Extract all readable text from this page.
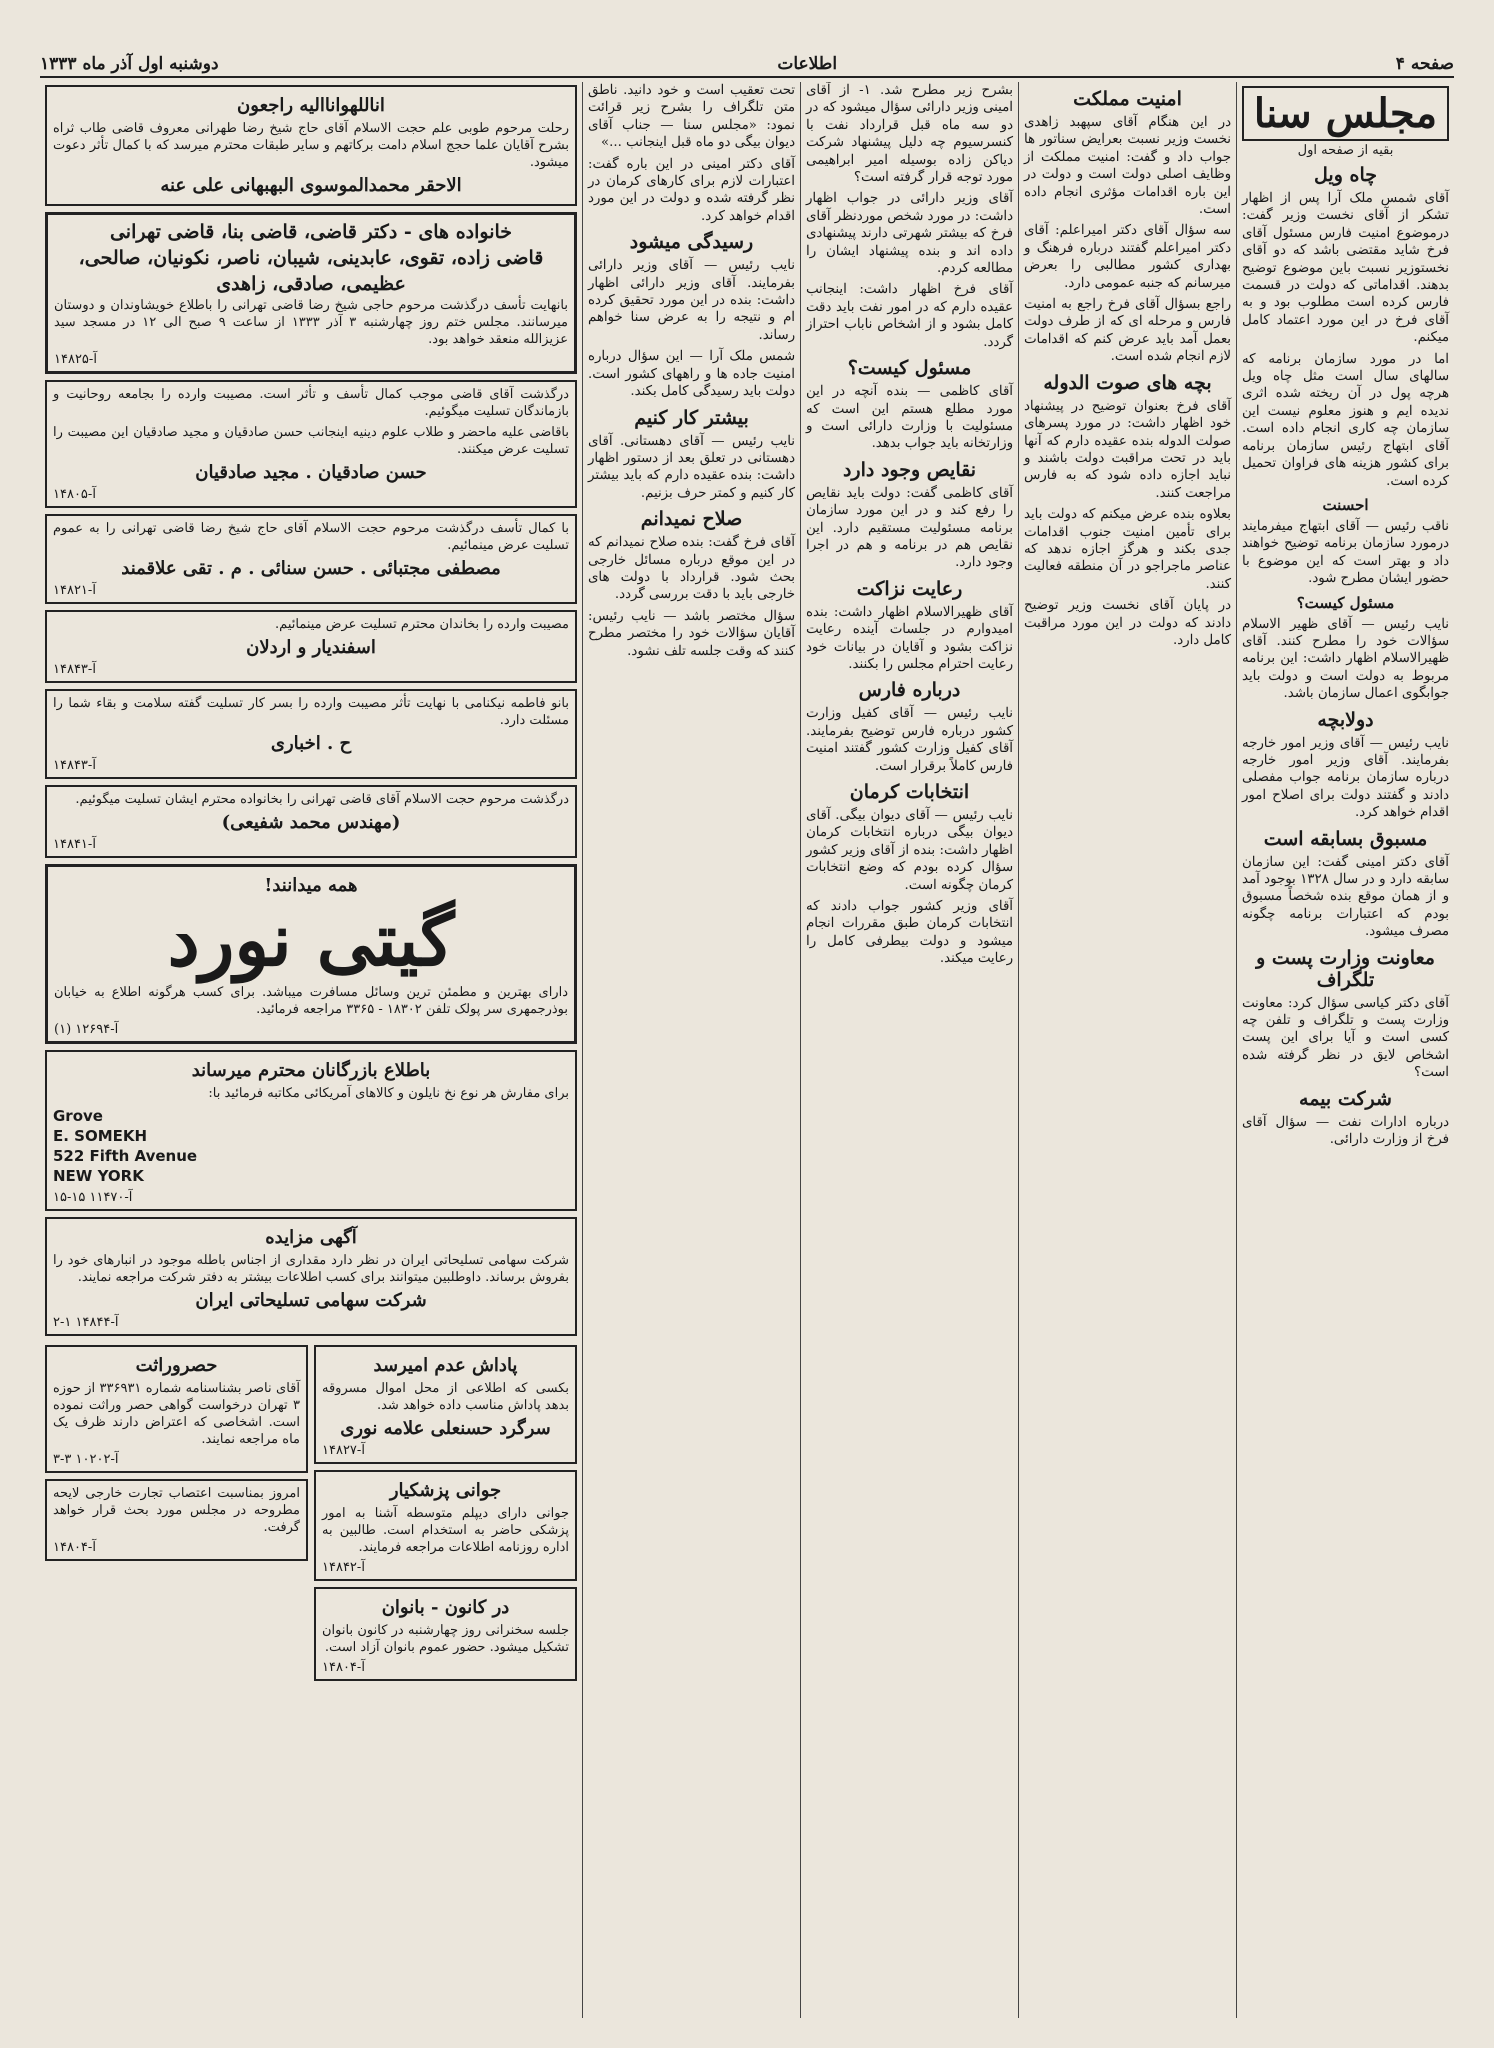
دوشنبه اول آذر ماه ۱۳۳۳	اطلاعات	صفحه ۴
مجلس سنا
بقیه از صفحه اول
چاه ویل

آقای شمس ملک آرا پس از اظهار تشکر از آقای نخست وزیر گفت: درموضوع امنیت فارس مسئول آقای فرخ شاید مقتضی باشد که دو آقای نخستوزیر نسبت باین موضوع توضیح بدهند. اقداماتی که دولت در قسمت فارس کرده است مطلوب بود و به آقای فرخ در این مورد اعتماد کامل میکنم.

اما در مورد سازمان برنامه که سالهای سال است مثل چاه ویل هرچه پول در آن ریخته شده اثری ندیده ایم و هنوز معلوم نیست این سازمان چه کاری انجام داده است. آقای ابتهاج رئیس سازمان برنامه برای کشور هزینه های فراوان تحمیل کرده است.

احسنت

ناقب رئیس — آقای ابتهاج میفرمایند درمورد سازمان برنامه توضیح خواهند داد و بهتر است که این موضوع با حضور ایشان مطرح شود.

مسئول کیست؟

نایب رئیس — آقای ظهیر الاسلام سؤالات خود را مطرح کنند. آقای ظهیرالاسلام اظهار داشت: این برنامه مربوط به دولت است و دولت باید جوابگوی اعمال سازمان باشد.

دولابچه

نایب رئیس — آقای وزیر امور خارجه بفرمایند. آقای وزیر امور خارجه درباره سازمان برنامه جواب مفصلی دادند و گفتند دولت برای اصلاح امور اقدام خواهد کرد.

مسبوق بسابقه است

آقای دکتر امینی گفت: این سازمان سابقه دارد و در سال ۱۳۲۸ بوجود آمد و از همان موقع بنده شخصاً مسبوق بودم که اعتبارات برنامه چگونه مصرف میشود.

معاونت وزارت پست و تلگراف

آقای دکتر کیاسی سؤال کرد: معاونت وزارت پست و تلگراف و تلفن چه کسی است و آیا برای این پست اشخاص لایق در نظر گرفته شده است؟

شرکت بیمه

درباره ادارات نفت — سؤال آقای فرخ از وزارت دارائی.

امنیت مملکت

در این هنگام آقای سپهبد زاهدی نخست وزیر نسبت بعرایض سناتور ها جواب داد و گفت: امنیت مملکت از وظایف اصلی دولت است و دولت در این باره اقدامات مؤثری انجام داده است.

سه سؤال آقای دکتر امیراعلم: آقای دکتر امیراعلم گفتند درباره فرهنگ و بهداری کشور مطالبی را بعرض میرسانم که جنبه عمومی دارد.

راجع بسؤال آقای فرخ راجع به امنیت فارس و مرحله ای که از طرف دولت بعمل آمد باید عرض کنم که اقدامات لازم انجام شده است.

بچه های صوت الدوله

آقای فرخ بعنوان توضیح در پیشنهاد خود اظهار داشت: در مورد پسرهای صولت الدوله بنده عقیده دارم که آنها باید در تحت مراقبت دولت باشند و نباید اجازه داده شود که به فارس مراجعت کنند.

بعلاوه بنده عرض میکنم که دولت باید برای تأمین امنیت جنوب اقدامات جدی بکند و هرگز اجازه ندهد که عناصر ماجراجو در آن منطقه فعالیت کنند.

در پایان آقای نخست وزیر توضیح دادند که دولت در این مورد مراقبت کامل دارد.

بشرح زیر مطرح شد. ۱- از آقای امینی وزیر دارائی سؤال میشود که در دو سه ماه قبل قرارداد نفت با کنسرسیوم چه دلیل پیشنهاد شرکت دیاکن زاده بوسیله امیر ابراهیمی مورد توجه قرار گرفته است؟

آقای وزیر دارائی در جواب اظهار داشت: در مورد شخص موردنظر آقای فرخ که بیشتر شهرتی دارند پیشنهادی داده اند و بنده پیشنهاد ایشان را مطالعه کردم.

آقای فرخ اظهار داشت: اینجانب عقیده دارم که در امور نفت باید دقت کامل بشود و از اشخاص ناباب احتراز گردد.

مسئول کیست؟

آقای کاظمی — بنده آنچه در این مورد مطلع هستم این است که مسئولیت با وزارت دارائی است و وزارتخانه باید جواب بدهد.

نقایص وجود دارد

آقای کاظمی گفت: دولت باید نقایص را رفع کند و در این مورد سازمان برنامه مسئولیت مستقیم دارد. این نقایص هم در برنامه و هم در اجرا وجود دارد.

رعایت نزاکت

آقای ظهیرالاسلام اظهار داشت: بنده امیدوارم در جلسات آینده رعایت نزاکت بشود و آقایان در بیانات خود رعایت احترام مجلس را بکنند.

درباره فارس

نایب رئیس — آقای کفیل وزارت کشور درباره فارس توضیح بفرمایند. آقای کفیل وزارت کشور گفتند امنیت فارس کاملاً برقرار است.

انتخابات کرمان

نایب رئیس — آقای دیوان بیگی. آقای دیوان بیگی درباره انتخابات کرمان اظهار داشت: بنده از آقای وزیر کشور سؤال کرده بودم که وضع انتخابات کرمان چگونه است.

آقای وزیر کشور جواب دادند که انتخابات کرمان طبق مقررات انجام میشود و دولت بیطرفی کامل را رعایت میکند.

تحت تعقیب است و خود دانید. ناطق متن تلگراف را بشرح زیر قرائت نمود: «مجلس سنا — جناب آقای دیوان بیگی دو ماه قبل اینجانب ...»

آقای دکتر امینی در این باره گفت: اعتبارات لازم برای کارهای کرمان در نظر گرفته شده و دولت در این مورد اقدام خواهد کرد.

رسیدگی میشود

نایب رئیس — آقای وزیر دارائی بفرمایند. آقای وزیر دارائی اظهار داشت: بنده در این مورد تحقیق کرده ام و نتیجه را به عرض سنا خواهم رساند.

شمس ملک آرا — این سؤال درباره امنیت جاده ها و راههای کشور است. دولت باید رسیدگی کامل بکند.

بیشتر کار کنیم

نایب رئیس — آقای دهستانی. آقای دهستانی در تعلق بعد از دستور اظهار داشت: بنده عقیده دارم که باید بیشتر کار کنیم و کمتر حرف بزنیم.

صلاح نمیدانم

آقای فرخ گفت: بنده صلاح نمیدانم که در این موقع درباره مسائل خارجی بحث شود. قرارداد با دولت های خارجی باید با دقت بررسی گردد.

سؤال مختصر باشد — نایب رئیس: آقایان سؤالات خود را مختصر مطرح کنند که وقت جلسه تلف نشود.

اناللهوانااليه راجعون

رحلت مرحوم طوبی علم حجت الاسلام آقای حاج شیخ رضا طهرانی معروف قاضی طاب ثراه بشرح آقایان علما حجج اسلام دامت برکاتهم و سایر طبقات محترم میرسد که با کمال تأثر دعوت میشود.

الاحقر محمدالموسوی البهبهانی علی عنه
خانواده های - دکتر قاضی، قاضی بنا، قاضی تهرانی
قاضی زاده، تقوی، عابدینی، شیبان، ناصر، نکونیان، صالحی، عظیمی، صادقی، زاهدی

بانهایت تأسف درگذشت مرحوم حاجی شیخ رضا قاضی تهرانی را باطلاع خویشاوندان و دوستان میرسانند. مجلس ختم روز چهارشنبه ۳ آذر ۱۳۳۳ از ساعت ۹ صبح الی ۱۲ در مسجد سید عزیزالله منعقد خواهد بود.

آ-۱۴۸۲۵

درگذشت آقای قاضی موجب کمال تأسف و تأثر است. مصیبت وارده را بجامعه روحانیت و بازماندگان تسلیت میگوئیم.

باقاضی علیه ماحضر و طلاب علوم دینیه اینجانب حسن صادقیان و مجید صادقیان این مصیبت را تسلیت عرض میکنند.

حسن صادقیان . مجید صادقیان
آ-۱۴۸۰۵

با کمال تأسف درگذشت مرحوم حجت الاسلام آقای حاج شیخ رضا قاضی تهرانی را به عموم تسلیت عرض مینمائیم.

مصطفی مجتبائی . حسن سنائی . م . تقی علاقمند
آ-۱۴۸۲۱

مصیبت وارده را بخاندان محترم تسلیت عرض مینمائیم.

اسفندیار و اردلان
آ-۱۴۸۴۳

بانو فاطمه نیکنامی با نهایت تأثر مصیبت وارده را بسر کار تسلیت گفته سلامت و بقاء شما را مسئلت دارد.

ح . اخباری
آ-۱۴۸۴۳

درگذشت مرحوم حجت الاسلام آقای قاضی تهرانی را بخانواده محترم ایشان تسلیت میگوئیم.

(مهندس محمد شفیعی)
آ-۱۴۸۴۱
همه میدانند!
گیتی نورد

دارای بهترین و مطمئن ترین وسائل مسافرت میباشد. برای کسب هرگونه اطلاع به خیابان بوذرجمهری سر پولک تلفن ۱۸۳۰۲ - ۳۳۶۵ مراجعه فرمائید.

آ-۱۲۶۹۴ (۱)
باطلاع بازرگانان محترم میرساند

برای مفارش هر نوع نخ نایلون و کالاهای آمریکائی مکاتبه فرمائید با:

Grove
E. SOMEKH
522 Fifth Avenue
NEW YORK
آ-۱۱۴۷۰ ۱۵-۱۵
آگهی مزایده

شرکت سهامی تسلیحاتی ایران در نظر دارد مقداری از اجناس باطله موجود در انبارهای خود را بفروش برساند. داوطلبین میتوانند برای کسب اطلاعات بیشتر به دفتر شرکت مراجعه نمایند.

شرکت سهامی تسلیحاتی ایران
آ-۱۴۸۴۴ ۱-۲
پاداش عدم امیرسد

بکسی که اطلاعی از محل اموال مسروقه بدهد پاداش مناسب داده خواهد شد.

سرگرد حسنعلی علامه نوری
آ-۱۴۸۲۷
جوانی پزشکیار

جوانی دارای دیپلم متوسطه آشنا به امور پزشکی حاضر به استخدام است. طالبین به اداره روزنامه اطلاعات مراجعه فرمایند.

آ-۱۴۸۴۲
در کانون - بانوان

جلسه سخنرانی روز چهارشنبه در کانون بانوان تشکیل میشود. حضور عموم بانوان آزاد است.

آ-۱۴۸۰۴
حصروراثت

آقای ناصر بشناسنامه شماره ۳۳۶۹۳۱ از حوزه ۳ تهران درخواست گواهی حصر وراثت نموده است. اشخاصی که اعتراض دارند ظرف یک ماه مراجعه نمایند.

آ-۱۰۲۰۲ ۳-۳

امروز بمناسبت اعتصاب تجارت خارجی لایحه مطروحه در مجلس مورد بحث قرار خواهد گرفت.

آ-۱۴۸۰۴
